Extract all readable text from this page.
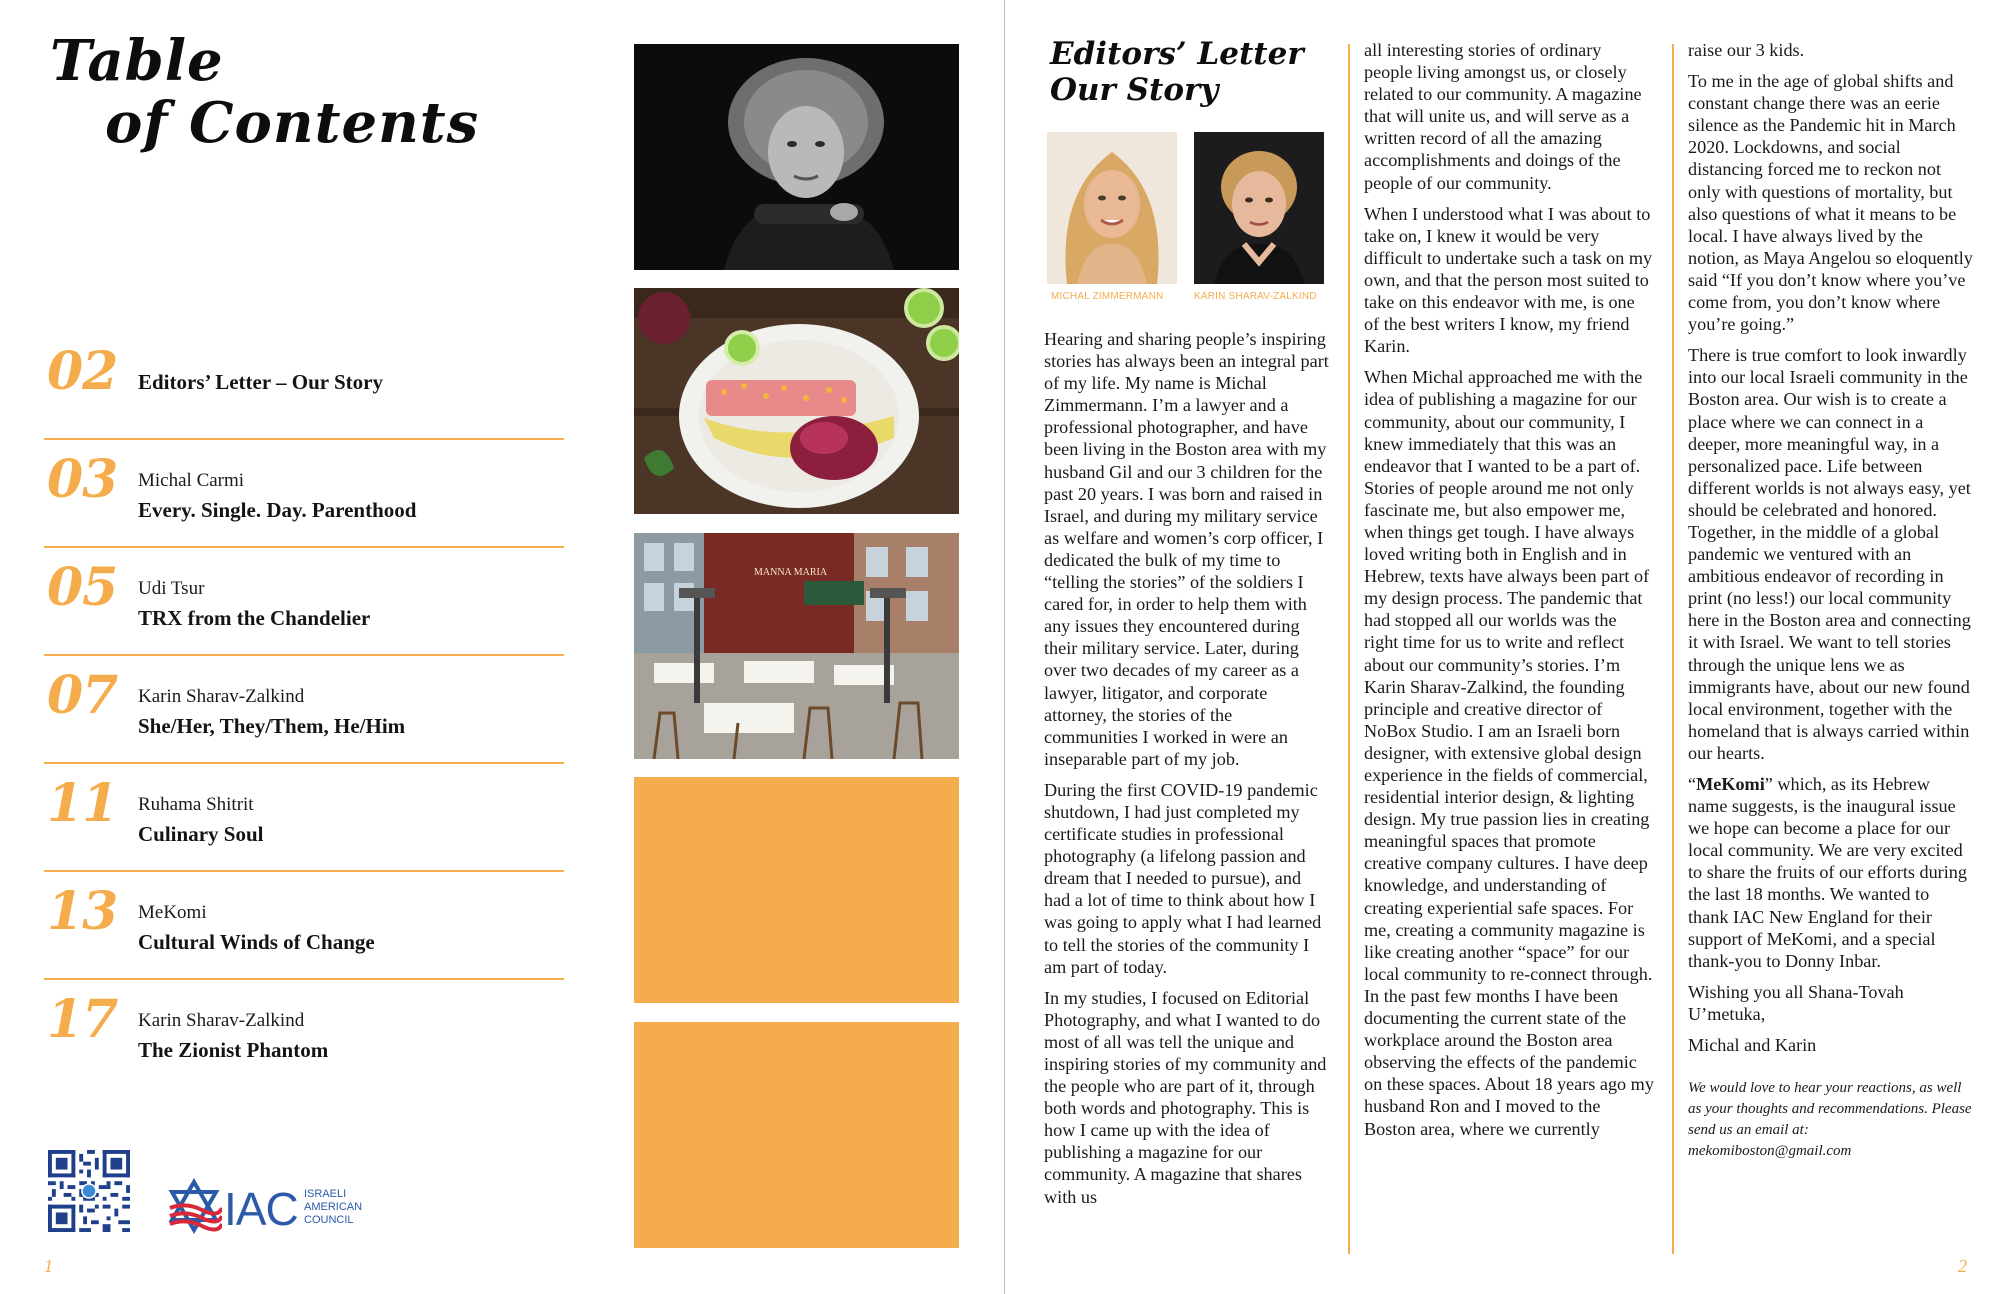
Table
of Contents
02 Editors’ Letter – Our Story
03	Michal Carmi
Every. Single. Day. Parenthood
05	Udi Tsur
TRX from the Chandelier
07	Karin Sharav-Zalkind
She/Her, They/Them, He/Him
11	Ruhama Shitrit
Culinary Soul
13	MeKomi
Cultural Winds of Change
17	Karin Sharav-Zalkind
The Zionist Phantom
IAC ISRAELI
AMERICAN
COUNCIL
1
MANNA MARIA
Editors’ Letter
Our Story
MICHAL ZIMMERMANN	KARIN SHARAV-ZALKIND

Hearing and sharing people’s inspiring stories has always been an integral part of my life. My name is Michal Zimmermann. I’m a lawyer and a professional photographer, and have been living in the Boston area with my husband Gil and our 3 children for the past 20 years. I was born and raised in Israel, and during my military service as welfare and women’s corp officer, I dedicated the bulk of my time to “telling the stories” of the soldiers I cared for, in order to help them with any issues they encountered during their military service. Later, during over two decades of my career as a lawyer, litigator, and corporate attorney, the stories of the communities I worked in were an inseparable part of my job.

During the first COVID-19 pandemic shutdown, I had just completed my certificate studies in professional photography (a lifelong passion and dream that I needed to pursue), and had a lot of time to think about how I was going to apply what I had learned to tell the stories of the community I am part of today.

In my studies, I focused on Editorial Photography, and what I wanted to do most of all was tell the unique and inspiring stories of my community and the people who are part of it, through both words and photography. This is how I came up with the idea of publishing a magazine for our community. A magazine that shares with us

all interesting stories of ordinary people living amongst us, or closely related to our community. A magazine that will unite us, and will serve as a written record of all the amazing accomplishments and doings of the people of our community.

When I understood what I was about to take on, I knew it would be very difficult to undertake such a task on my own, and that the person most suited to take on this endeavor with me, is one of the best writers I know, my friend Karin.

When Michal approached me with the idea of publishing a magazine for our community, about our community, I knew immediately that this was an endeavor that I wanted to be a part of. Stories of people around me not only fascinate me, but also empower me, when things get tough. I have always loved writing both in English and in Hebrew, texts have always been part of my design process. The pandemic that had stopped all our worlds was the right time for us to write and reflect about our community’s stories. I’m Karin Sharav-Zalkind, the founding principle and creative director of NoBox Studio. I am an Israeli born designer, with extensive global design experience in the fields of commercial, residential interior design, & lighting design. My true passion lies in creating meaningful spaces that promote creative company cultures. I have deep knowledge, and understanding of creating experiential safe spaces. For me, creating a community magazine is like creating another “space” for our local community to re-connect through. In the past few months I have been documenting the current state of the workplace around the Boston area observing the effects of the pandemic on these spaces. About 18 years ago my husband Ron and I moved to the Boston area, where we currently

raise our 3 kids.

To me in the age of global shifts and constant change there was an eerie silence as the Pandemic hit in March 2020. Lockdowns, and social distancing forced me to reckon not only with questions of mortality, but also questions of what it means to be local. I have always lived by the notion, as Maya Angelou so eloquently said “If you don’t know where you’ve come from, you don’t know where you’re going.”

There is true comfort to look inwardly into our local Israeli community in the Boston area. Our wish is to create a place where we can connect in a deeper, more meaningful way, in a personalized pace. Life between different worlds is not always easy, yet should be celebrated and honored. Together, in the middle of a global pandemic we ventured with an ambitious endeavor of recording in print (no less!) our local community here in the Boston area and connecting it with Israel. We want to tell stories through the unique lens we as immigrants have, about our new found local environment, together with the homeland that is always carried within our hearts.

“MeKomi” which, as its Hebrew name suggests, is the inaugural issue we hope can become a place for our local community. We are very excited to share the fruits of our efforts during the last 18 months. We wanted to thank IAC New England for their support of MeKomi, and a special thank-you to Donny Inbar.

Wishing you all Shana-Tovah U’metuka,

Michal and Karin

We would love to hear your reactions, as well as your thoughts and recommendations. Please send us an email at: mekomiboston@gmail.com

2
